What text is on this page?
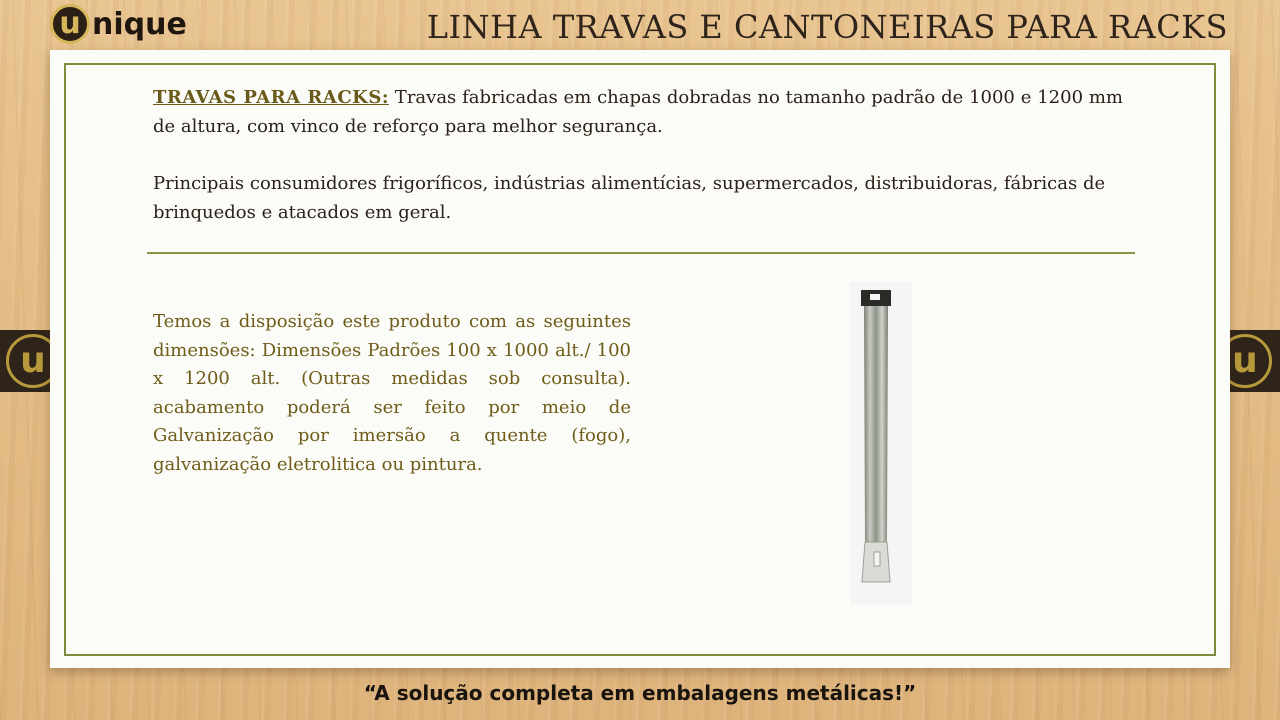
u nique	LINHA TRAVAS E CANTONEIRAS PARA RACKS
u	u
TRAVAS PARA RACKS: Travas fabricadas em chapas dobradas no tamanho padrão de 1000 e 1200 mm de altura, com vinco de reforço para melhor segurança.
Principais consumidores frigoríficos, indústrias alimentícias, supermercados, distribuidoras, fábricas de brinquedos e atacados em geral.
Temos a disposição este produto com as seguintes dimensões: Dimensões Padrões 100 x 1000 alt./ 100 x 1200 alt. (Outras medidas sob consulta). acabamento poderá ser feito por meio de Galvanização por imersão a quente (fogo), galvanização eletrolitica ou pintura.
“A solução completa em embalagens metálicas!”
